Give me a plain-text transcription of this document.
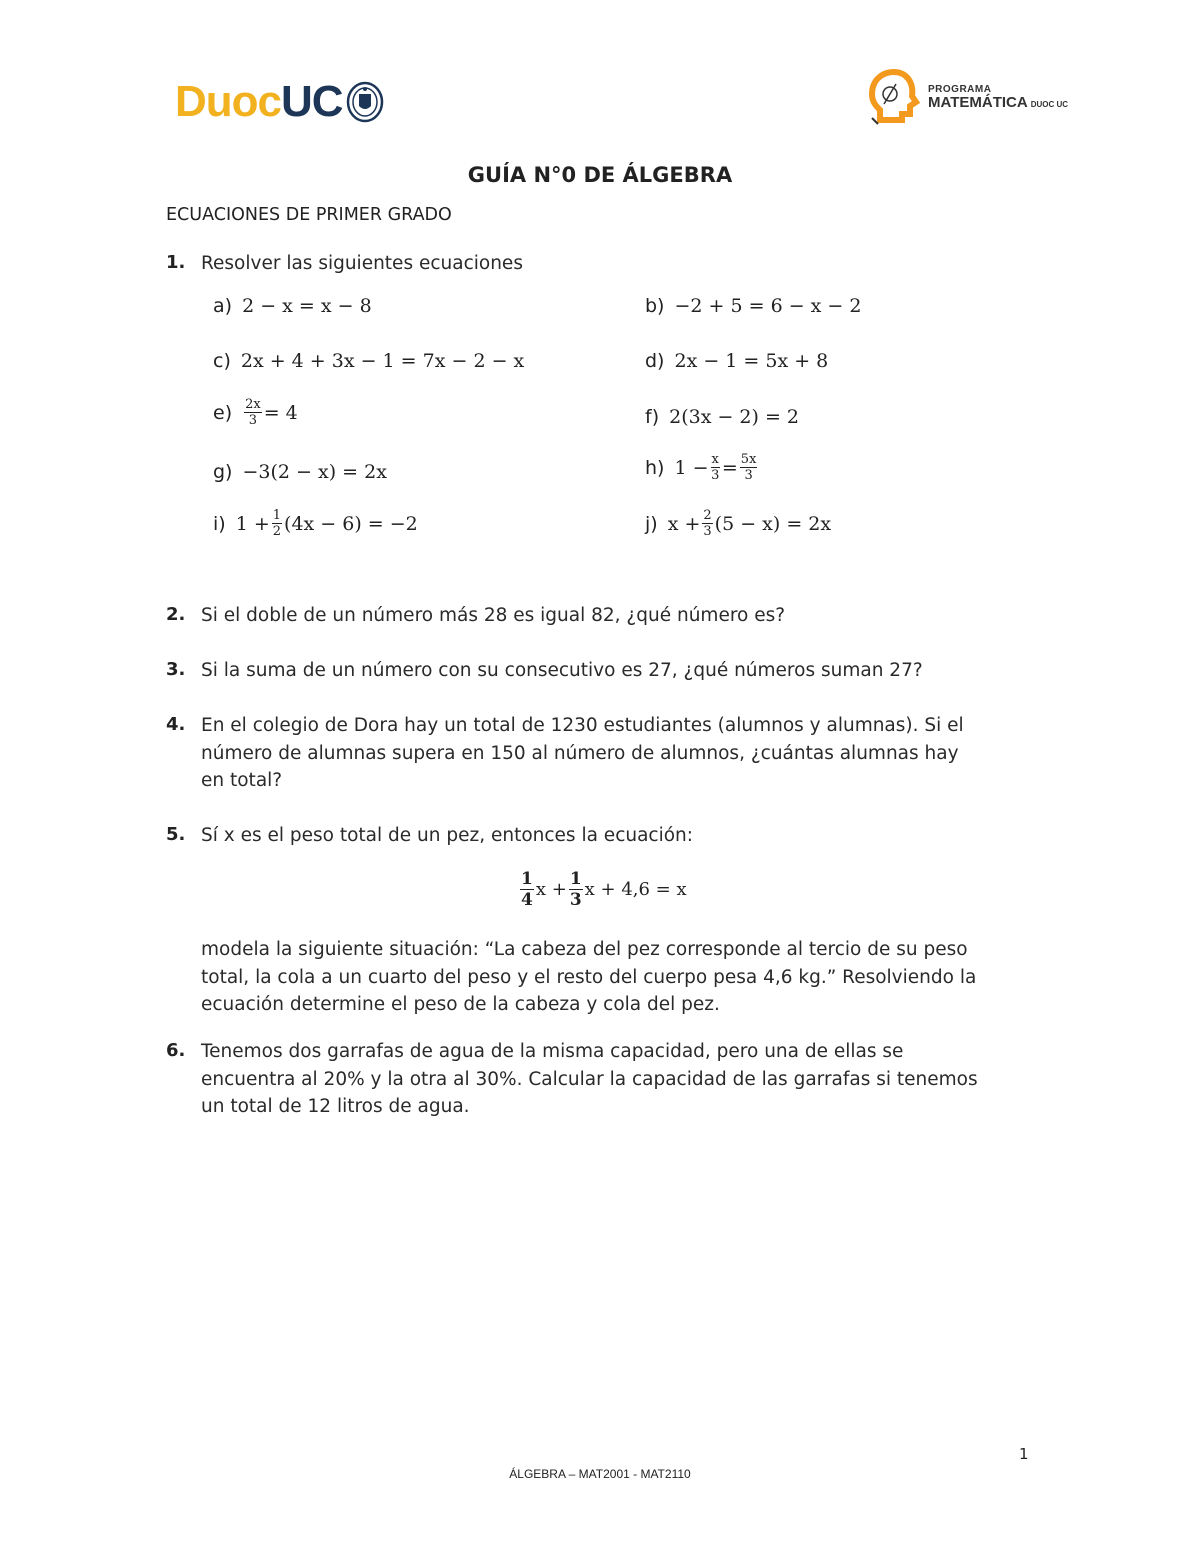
Duoc UC	PROGRAMA
MATEMÁTICA DUOC UC
GUÍA N°0 DE ÁLGEBRA
ECUACIONES DE PRIMER GRADO
1. Resolver las siguientes ecuaciones
a) 2 − x = x − 8
c) 2x + 4 + 3x − 1 = 7x − 2 − x
$e) \frac{2x}{3} = 4$
g) −3(2 − x) = 2x
i) $1 + \frac{1}{2} (4x - 6) = -2$
b) −2 + 5 = 6 − x − 2
d) 2x − 1 = 5x + 8
f) 2(3x − 2) = 2
h) $1 - \frac{x}{3} = \frac{5x}{3}$
j) $x + \frac{2}{3} (5 - x) = 2x$
2. Si el doble de un número más 28 es igual 82, ¿qué número es?
3. Si la suma de un número con su consecutivo es 27, ¿qué números suman 27?
4. En el colegio de Dora hay un total de 1230 estudiantes (alumnos y alumnas). Si el
número de alumnas supera en 150 al número de alumnos, ¿cuántas alumnas hay
en total?
5. Sí x es el peso total de un pez, entonces la ecuación:
$\frac{1}{4}$ $x + \frac{1}{3}$ x + 4,6 = x
modela la siguiente situación: “La cabeza del pez corresponde al tercio de su peso
total, la cola a un cuarto del peso y el resto del cuerpo pesa 4,6 kg.” Resolviendo la
ecuación determine el peso de la cabeza y cola del pez.
6. Tenemos dos garrafas de agua de la misma capacidad, pero una de ellas se
encuentra al 20% y la otra al 30%. Calcular la capacidad de las garrafas si tenemos
un total de 12 litros de agua.
1
ÁLGEBRA – MAT2001 - MAT2110
